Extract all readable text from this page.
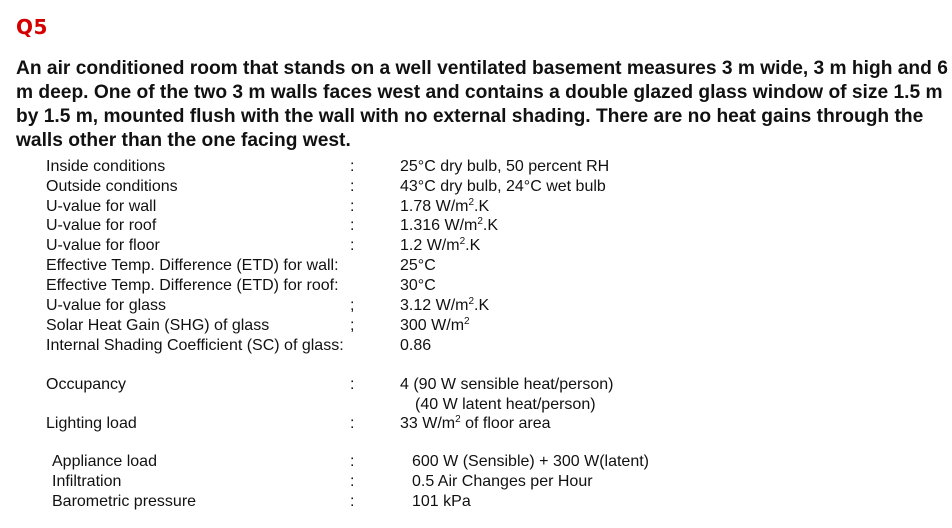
Q5
An air conditioned room that stands on a well ventilated basement measures 3 m wide, 3 m high and 6 m deep. One of the two 3 m walls faces west and contains a double glazed glass window of size 1.5 m by 1.5 m, mounted flush with the wall with no external shading. There are no heat gains through the walls other than the one facing west.
Inside conditions	:	25°C dry bulb, 50 percent RH
Outside conditions	:	43°C dry bulb, 24°C wet bulb
U-value for wall	:	1.78 $W/m^2.K$
U-value for roof	:	1.316 $W/m^2.K$
U-value for floor	:	1.2 $W/m^2.K$
Effective Temp. Difference (ETD) for wall:	25°C
Effective Temp. Difference (ETD) for roof:	30°C
U-value for glass	;	3.12 $W/m^2.K$
Solar Heat Gain (SHG) of glass	;	300 $W/m^2$
Internal Shading Coefficient (SC) of glass:	0.86
Occupancy	:	4 (90 W sensible heat/person)
(40 W latent heat/person)
Lighting load	:	33 $W/m^2$ of floor area
Appliance load	:	600 W (Sensible) + 300 W(latent)
Infiltration	:	0.5 Air Changes per Hour
Barometric pressure	:	101 kPa
